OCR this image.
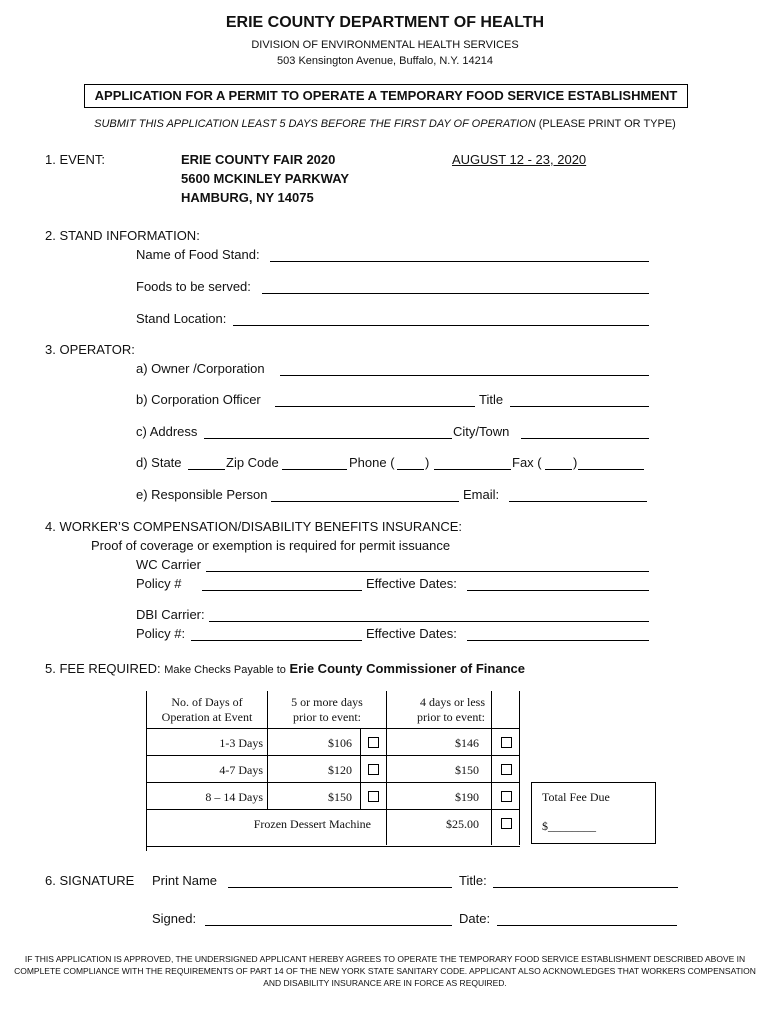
ERIE COUNTY DEPARTMENT OF HEALTH
DIVISION OF ENVIRONMENTAL HEALTH SERVICES
503 Kensington Avenue, Buffalo, N.Y. 14214
APPLICATION FOR A PERMIT TO OPERATE A TEMPORARY FOOD SERVICE ESTABLISHMENT
SUBMIT THIS APPLICATION LEAST 5 DAYS BEFORE THE FIRST DAY OF OPERATION (PLEASE PRINT OR TYPE)
1. EVENT:	ERIE COUNTY FAIR 2020
5600 MCKINLEY PARKWAY
HAMBURG, NY 14075
AUGUST 12 - 23, 2020
2. STAND INFORMATION:
Name of Food Stand:
Foods to be served:
Stand Location:
3. OPERATOR:
a) Owner /Corporation
b) Corporation Officer	Title
c) Address	City/Town
d) State	Zip Code	Phone ( )	Fax ( )
e) Responsible Person	Email:
4. WORKER’S COMPENSATION/DISABILITY BENEFITS INSURANCE:
Proof of coverage or exemption is required for permit issuance
WC Carrier
Policy #	Effective Dates:
DBI Carrier:
Policy #:	Effective Dates:
5. FEE REQUIRED: Make Checks Payable to Erie County Commissioner of Finance
No. of Days of
Operation at Event
5 or more days
prior to event:
4 days or less
prior to event:
1-3 Days	$106	$146
4-7 Days	$120	$150
8 – 14 Days	$150	$190
Frozen Dessert Machine	$25.00
Total Fee Due
$________
6. SIGNATURE Print Name	Title:
Signed:	Date:
IF THIS APPLICATION IS APPROVED, THE UNDERSIGNED APPLICANT HEREBY AGREES TO OPERATE THE TEMPORARY FOOD SERVICE ESTABLISHMENT DESCRIBED ABOVE IN COMPLETE COMPLIANCE WITH THE REQUIREMENTS OF PART 14 OF THE NEW YORK STATE SANITARY CODE. APPLICANT ALSO ACKNOWLEDGES THAT WORKERS COMPENSATION AND DISABILITY INSURANCE ARE IN FORCE AS REQUIRED.
